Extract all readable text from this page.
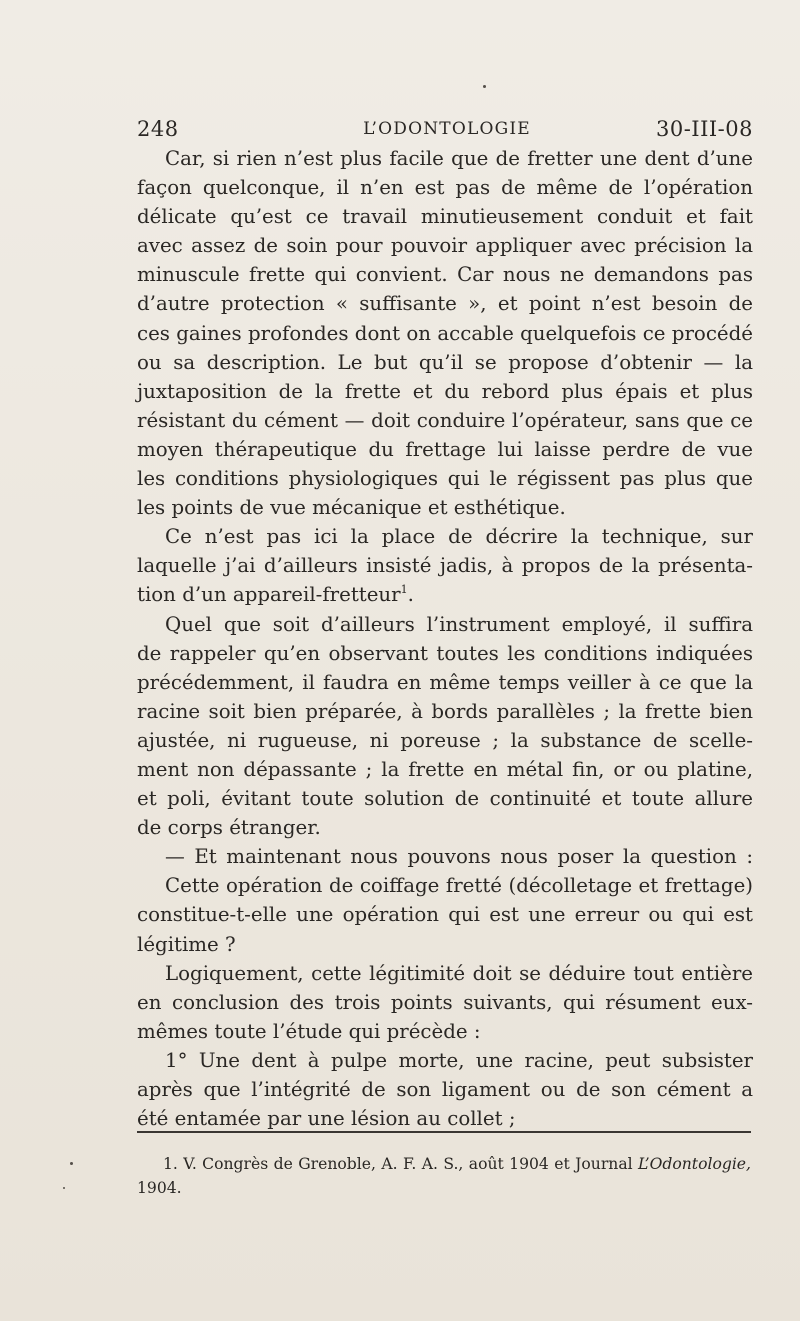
248	L’ODONTOLOGIE	30-III-08
Car, si rien n’est plus facile que de fretter une dent d’une
façon quelconque, il n’en est pas de même de l’opération
délicate qu’est ce travail minutieusement conduit et fait
avec assez de soin pour pouvoir appliquer avec précision la
minuscule frette qui convient. Car nous ne demandons pas
d’autre protection « suffisante », et point n’est besoin de
ces gaines profondes dont on accable quelquefois ce procédé
ou sa description. Le but qu’il se propose d’obtenir — la
juxtaposition de la frette et du rebord plus épais et plus
résistant du cément — doit conduire l’opérateur, sans que ce
moyen thérapeutique du frettage lui laisse perdre de vue
les conditions physiologiques qui le régissent pas plus que
les points de vue mécanique et esthétique.
Ce n’est pas ici la place de décrire la technique, sur
laquelle j’ai d’ailleurs insisté jadis, à propos de la présenta-
tion d’un appareil-fretteur$^1$.
Quel que soit d’ailleurs l’instrument employé, il suffira
de rappeler qu’en observant toutes les conditions indiquées
précédemment, il faudra en même temps veiller à ce que la
racine soit bien préparée, à bords parallèles ; la frette bien
ajustée, ni rugueuse, ni poreuse ; la substance de scelle-
ment non dépassante ; la frette en métal fin, or ou platine,
et poli, évitant toute solution de continuité et toute allure
de corps étranger.
— Et maintenant nous pouvons nous poser la question :
Cette opération de coiffage fretté (décolletage et frettage)
constitue-t-elle une opération qui est une erreur ou qui est
légitime ?
Logiquement, cette légitimité doit se déduire tout entière
en conclusion des trois points suivants, qui résument eux-
mêmes toute l’étude qui précède :
1° Une dent à pulpe morte, une racine, peut subsister
après que l’intégrité de son ligament ou de son cément a
été entamée par une lésion au collet ;
1. V. Congrès de Grenoble, A. F. A. S., août 1904 et Journal L’Odontologie,
1904.
